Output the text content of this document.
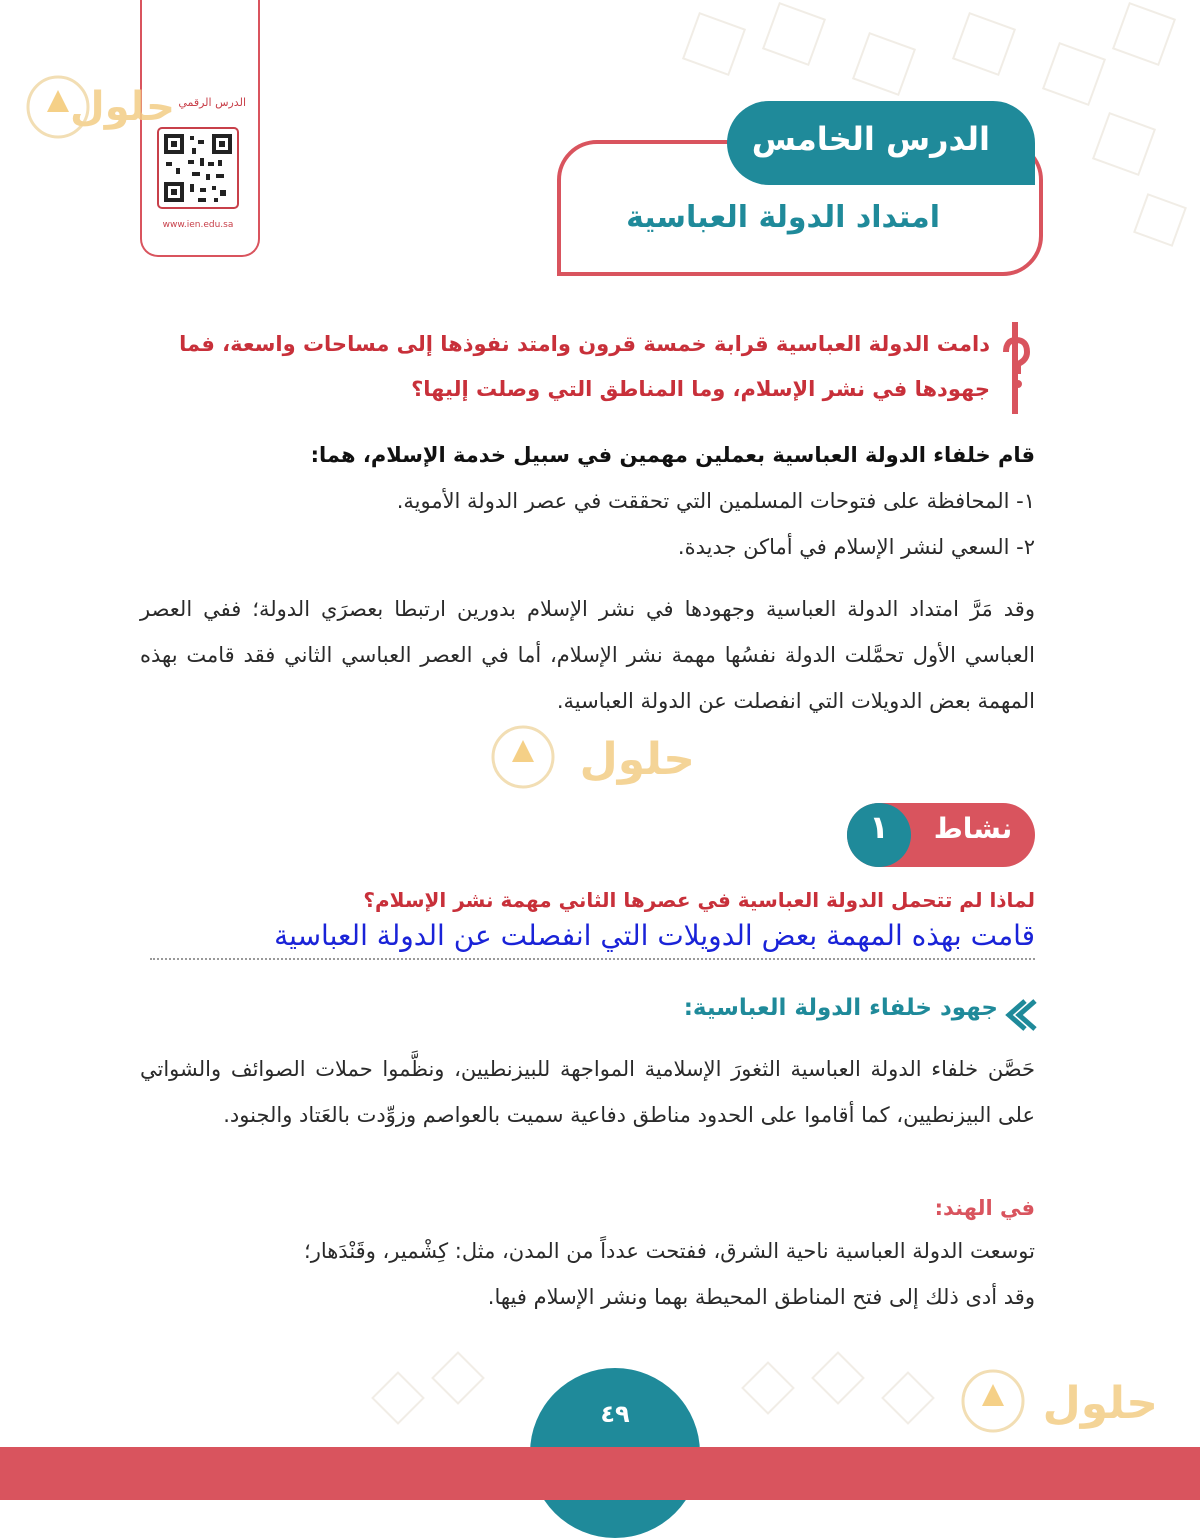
الدرس الرقمي
www.ien.edu.sa
الدرس الخامس
امتداد الدولة العباسية
دامت الدولة العباسية قرابة خمسة قرون وامتد نفوذها إلى مساحات واسعة، فما
جهودها في نشر الإسلام، وما المناطق التي وصلت إليها؟
قام خلفاء الدولة العباسية بعملين مهمين في سبيل خدمة الإسلام، هما:
١- المحافظة على فتوحات المسلمين التي تحققت في عصر الدولة الأموية.
٢- السعي لنشر الإسلام في أماكن جديدة.
وقد مَرَّ امتداد الدولة العباسية وجهودها في نشر الإسلام بدورين ارتبطا بعصرَي الدولة؛ ففي العصر العباسي الأول تحمَّلت الدولة نفسُها مهمة نشر الإسلام، أما في العصر العباسي الثاني فقد قامت بهذه المهمة بعض الدويلات التي انفصلت عن الدولة العباسية.
نشاط
١
لماذا لم تتحمل الدولة العباسية في عصرها الثاني مهمة نشر الإسلام؟
قامت بهذه المهمة بعض الدويلات التي انفصلت عن الدولة العباسية
جهود خلفاء الدولة العباسية:
حَصَّن خلفاء الدولة العباسية الثغورَ الإسلامية المواجهة للبيزنطيين، ونظَّموا حملات الصوائف والشواتي على البيزنطيين، كما أقاموا على الحدود مناطق دفاعية سميت بالعواصم وزوِّدت بالعَتاد والجنود.
في الهند:
توسعت الدولة العباسية ناحية الشرق، ففتحت عدداً من المدن، مثل: كِشْمير، وقَنْدَهار؛
وقد أدى ذلك إلى فتح المناطق المحيطة بهما ونشر الإسلام فيها.
حلول
حلول
حلول
٤٩
